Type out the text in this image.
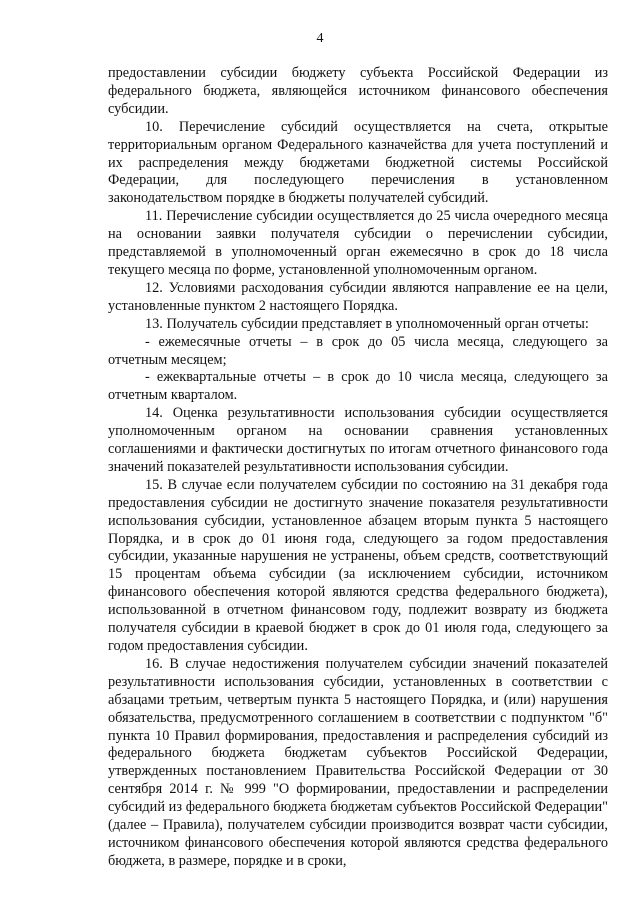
4

предоставлении субсидии бюджету субъекта Российской Федерации из федерального бюджета, являющейся источником финансового обеспечения субсидии.

10. Перечисление субсидий осуществляется на счета, открытые территориальным органом Федерального казначейства для учета поступлений и их распределения между бюджетами бюджетной системы Российской Федерации, для последующего перечисления в установленном законодательством порядке в бюджеты получателей субсидий.

11. Перечисление субсидии осуществляется до 25 числа очередного месяца на основании заявки получателя субсидии о перечислении субсидии, представляемой в уполномоченный орган ежемесячно в срок до 18 числа текущего месяца по форме, установленной уполномоченным органом.

12. Условиями расходования субсидии являются направление ее на цели, установленные пунктом 2 настоящего Порядка.

13. Получатель субсидии представляет в уполномоченный орган отчеты:

- ежемесячные отчеты – в срок до 05 числа месяца, следующего за отчетным месяцем;

- ежеквартальные отчеты – в срок до 10 числа месяца, следующего за отчетным кварталом.

14. Оценка результативности использования субсидии осуществляется уполномоченным органом на основании сравнения установленных соглашениями и фактически достигнутых по итогам отчетного финансового года значений показателей результативности использования субсидии.

15. В случае если получателем субсидии по состоянию на 31 декабря года предоставления субсидии не достигнуто значение показателя результативности использования субсидии, установленное абзацем вторым пункта 5 настоящего Порядка, и в срок до 01 июня года, следующего за годом предоставления субсидии, указанные нарушения не устранены, объем средств, соответствующий 15 процентам объема субсидии (за исключением субсидии, источником финансового обеспечения которой являются средства федерального бюджета), использованной в отчетном финансовом году, подлежит возврату из бюджета получателя субсидии в краевой бюджет в срок до 01 июля года, следующего за годом предоставления субсидии.

16. В случае недостижения получателем субсидии значений показателей результативности использования субсидии, установленных в соответствии с абзацами третьим, четвертым пункта 5 настоящего Порядка, и (или) нарушения обязательства, предусмотренного соглашением в соответствии с подпунктом "б" пункта 10 Правил формирования, предоставления и распределения субсидий из федерального бюджета бюджетам субъектов Российской Федерации, утвержденных постановлением Правительства Российской Федерации от 30 сентября 2014 г. № 999 "О формировании, предоставлении и распределении субсидий из федерального бюджета бюджетам субъектов Российской Федерации" (далее – Правила), получателем субсидии производится возврат части субсидии, источником финансового обеспечения которой являются средства федерального бюджета, в размере, порядке и в сроки,
